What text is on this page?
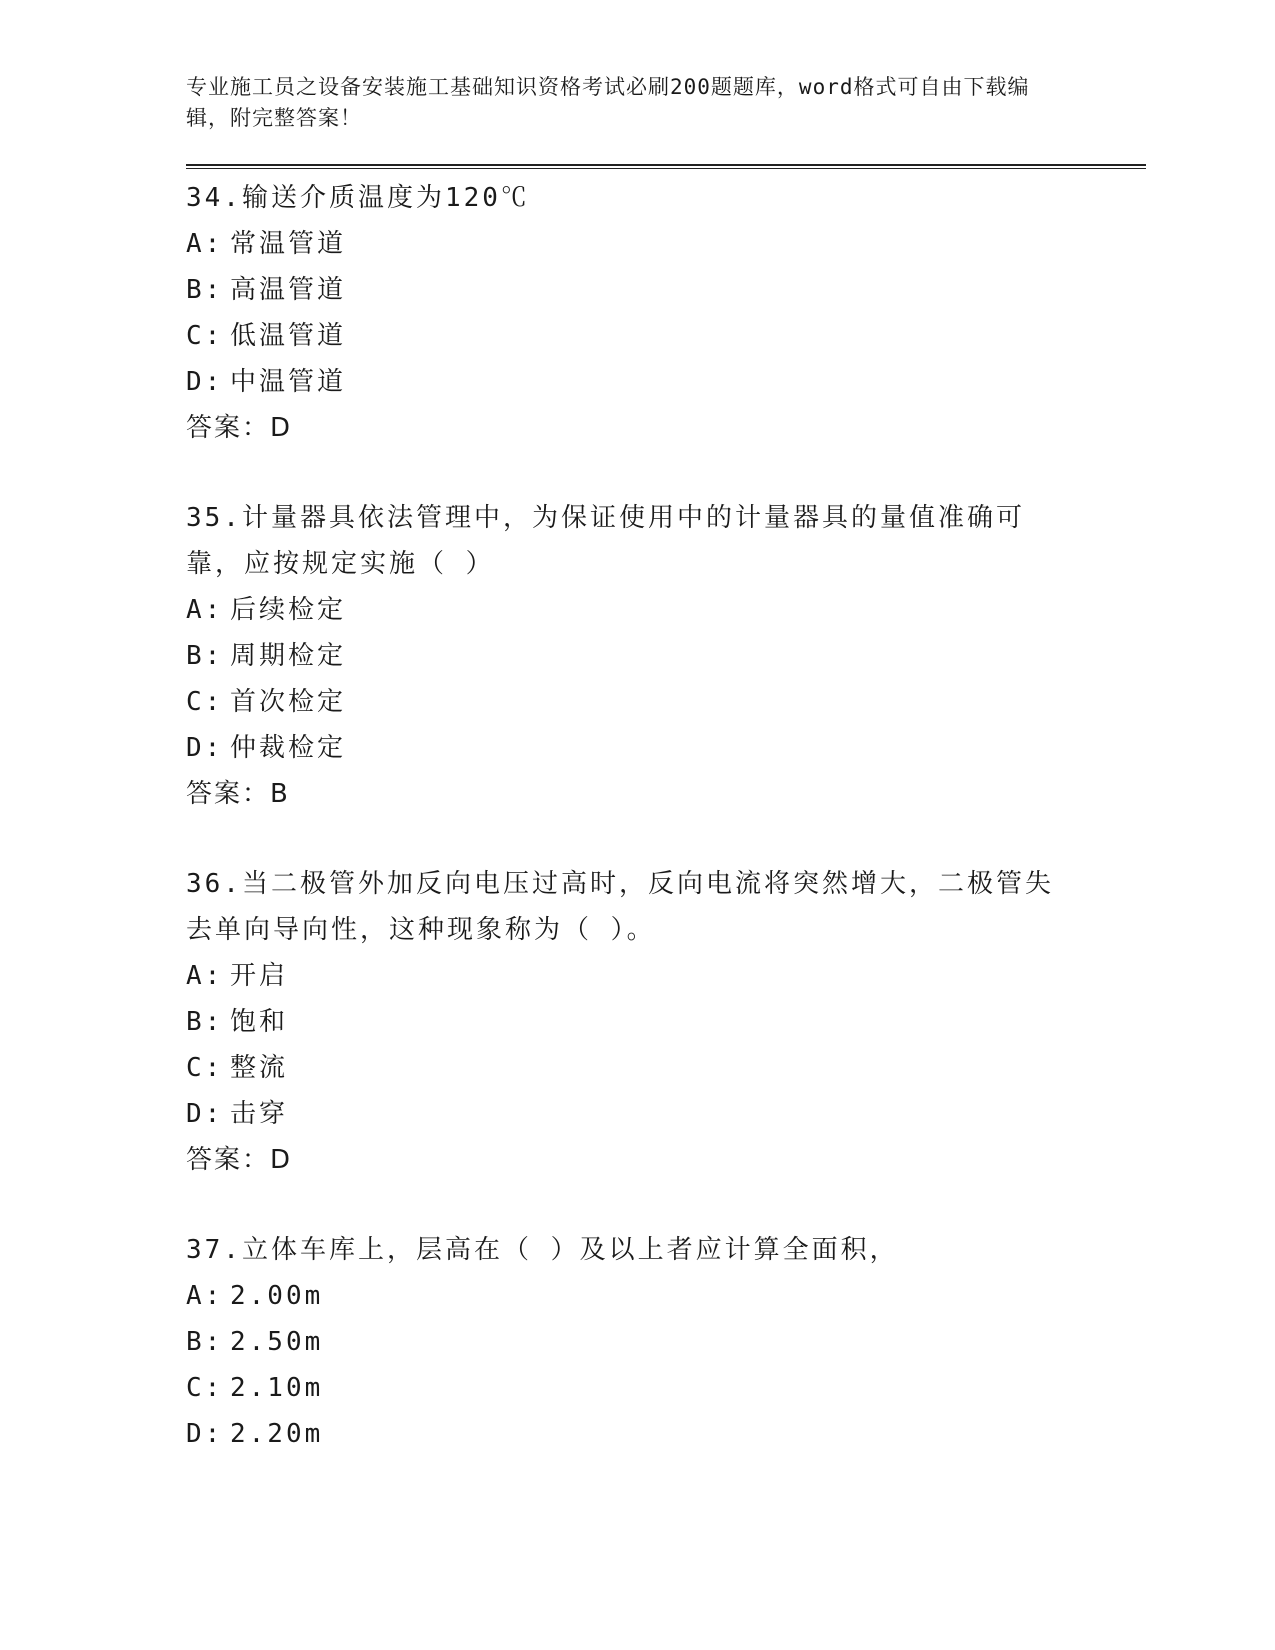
专业施工员之设备安装施工基础知识资格考试必刷200题题库，word格式可自由下载编辑，附完整答案！
34.输送介质温度为120℃
A: 常温管道
B: 高温管道
C: 低温管道
D: 中温管道
答案：D
35.计量器具依法管理中，为保证使用中的计量器具的量值准确可靠，应按规定实施（ ）
A: 后续检定
B: 周期检定
C: 首次检定
D: 仲裁检定
答案：B
36.当二极管外加反向电压过高时，反向电流将突然增大，二极管失去单向导向性，这种现象称为（ ）。
A: 开启
B: 饱和
C: 整流
D: 击穿
答案：D
37.立体车库上，层高在（ ）及以上者应计算全面积，
A: 2.00m
B: 2.50m
C: 2.10m
D: 2.20m
